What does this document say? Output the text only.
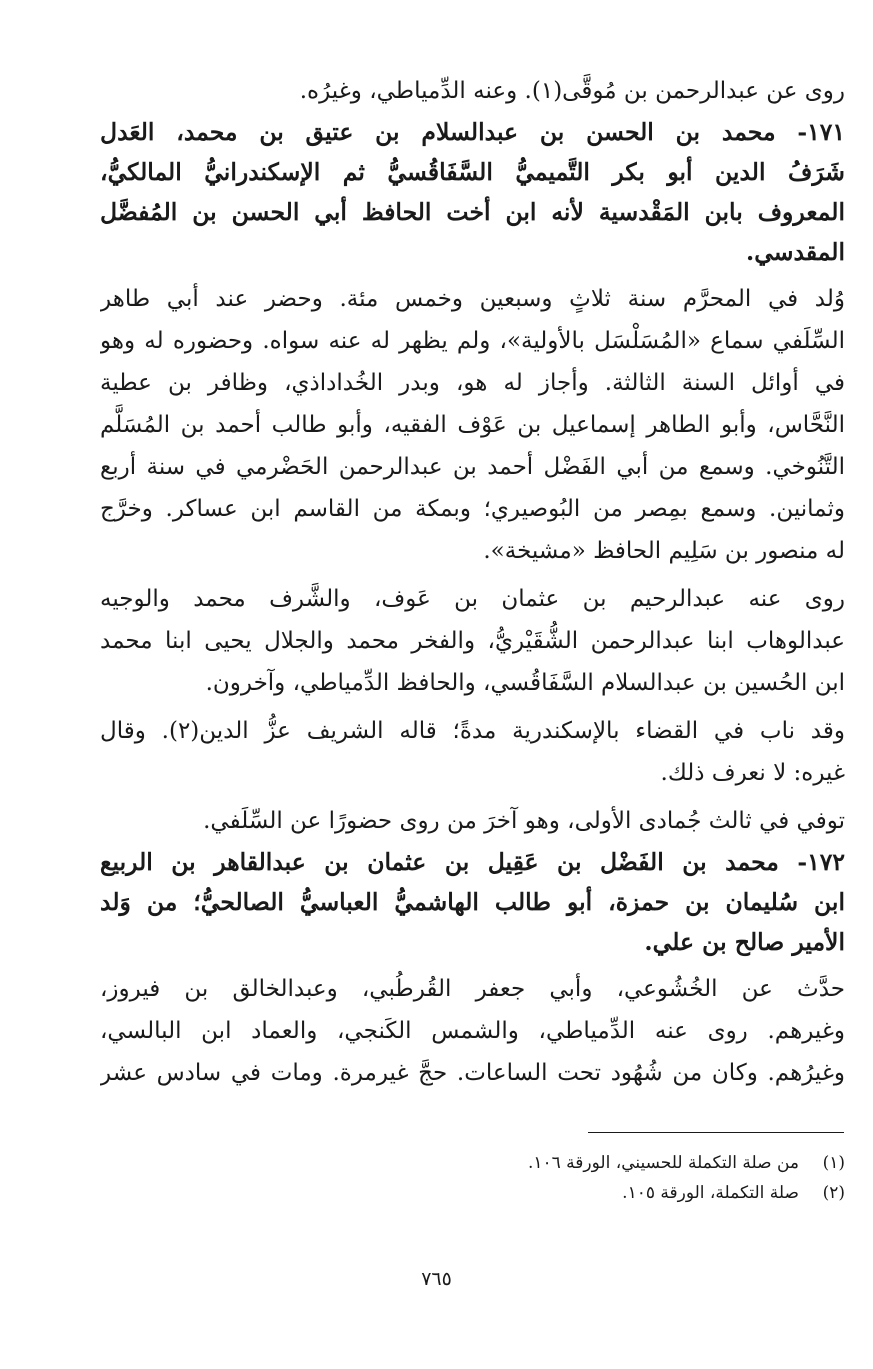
روى عن عبدالرحمن بن مُوقَّى(١). وعنه الدِّمياطي، وغيرُه.
١٧١- محمد بن الحسن بن عبدالسلام بن عتيق بن محمد، العَدل
شَرَفُ الدين أبو بكر التَّميميُّ السَّفَاقُسيُّ ثم الإسكندرانيُّ المالكيُّ،
المعروف بابن المَقْدسية لأنه ابن أخت الحافظ أبي الحسن بن المُفضَّل
المقدسي.
وُلد في المحرَّم سنة ثلاثٍ وسبعين وخمس مئة. وحضر عند أبي طاهر
السِّلَفي سماع «المُسَلْسَل بالأولية»، ولم يظهر له عنه سواه. وحضوره له وهو
في أوائل السنة الثالثة. وأجاز له هو، وبدر الخُداداذي، وظافر بن عطية
النَّحَّاس، وأبو الطاهر إسماعيل بن عَوْف الفقيه، وأبو طالب أحمد بن المُسَلَّم
التَّنُوخي. وسمع من أبي الفَضْل أحمد بن عبدالرحمن الحَضْرمي في سنة أربع
وثمانين. وسمع بمِصر من البُوصيري؛ وبمكة من القاسم ابن عساكر. وخرَّج
له منصور بن سَلِيم الحافظ «مشيخة».
روى عنه عبدالرحيم بن عثمان بن عَوف، والشَّرف محمد والوجيه
عبدالوهاب ابنا عبدالرحمن الشُّقَيْريُّ، والفخر محمد والجلال يحيى ابنا محمد
ابن الحُسين بن عبدالسلام السَّفَاقُسي، والحافظ الدِّمياطي، وآخرون.
وقد ناب في القضاء بالإسكندرية مدةً؛ قاله الشريف عزُّ الدين(٢). وقال
غيره: لا نعرف ذلك.
توفي في ثالث جُمادى الأولى، وهو آخرَ من روى حضورًا عن السِّلَفي.
١٧٢- محمد بن الفَضْل بن عَقِيل بن عثمان بن عبدالقاهر بن الربيع
ابن سُليمان بن حمزة، أبو طالب الهاشميُّ العباسيُّ الصالحيُّ؛ من وَلد
الأمير صالح بن علي.
حدَّث عن الخُشُوعي، وأبي جعفر القُرطُبي، وعبدالخالق بن فيروز،
وغيرهم. روى عنه الدِّمياطي، والشمس الكَنجي، والعماد ابن البالسي،
وغيرُهم. وكان من شُهُود تحت الساعات. حجَّ غيرمرة. ومات في سادس عشر
(١)من صلة التكملة للحسيني، الورقة ١٠٦.
(٢)صلة التكملة، الورقة ١٠٥.
٧٦٥
